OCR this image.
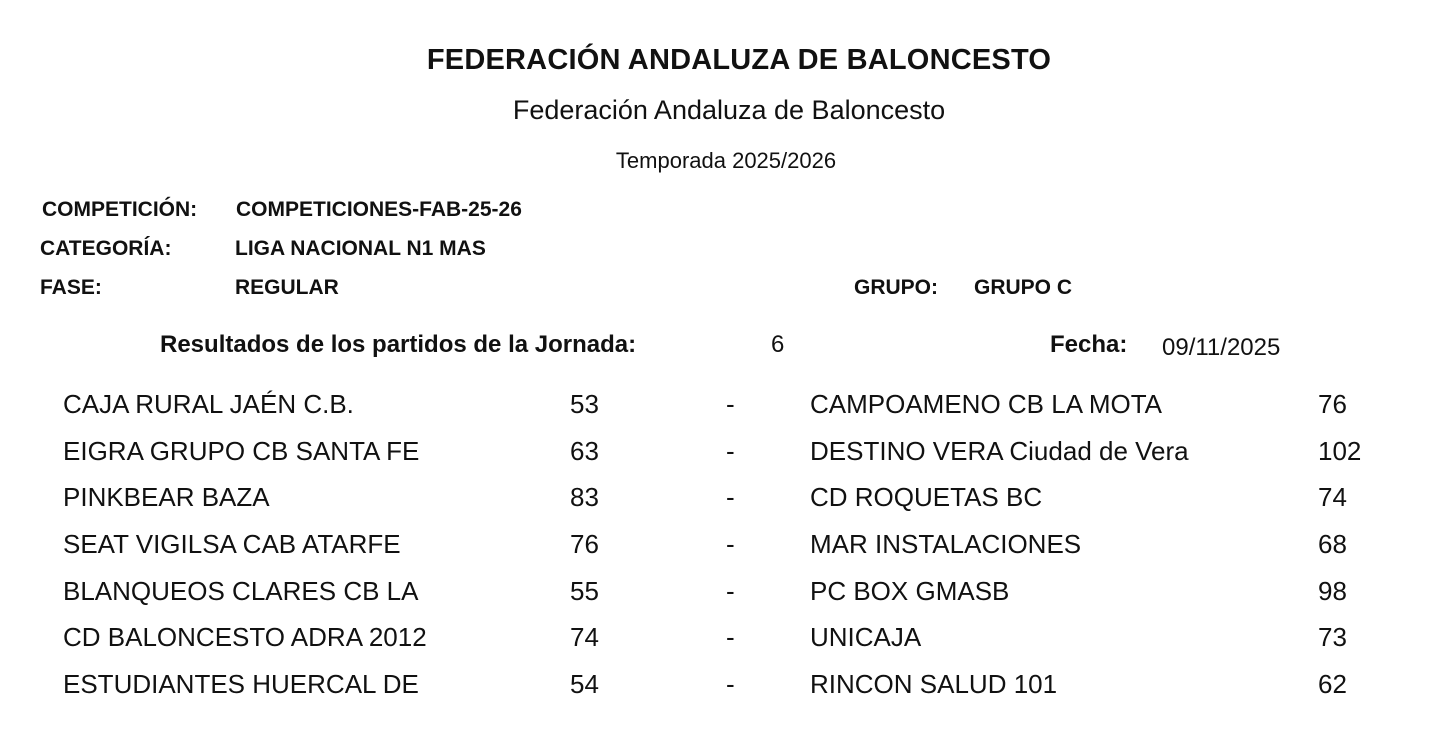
FEDERACIÓN ANDALUZA DE BALONCESTO
Federación Andaluza de Baloncesto
Temporada 2025/2026
COMPETICIÓN: COMPETICIONES-FAB-25-26
CATEGORÍA:	LIGA NACIONAL N1 MAS
FASE:	REGULAR	GRUPO: GRUPO C
Resultados de los partidos de la Jornada:	6	Fecha: 09/11/2025
CAJA RURAL JAÉN C.B.	53	-	CAMPOAMENO CB LA MOTA	76
EIGRA GRUPO CB SANTA FE	63	-	DESTINO VERA Ciudad de Vera	102
PINKBEAR BAZA	83	-	CD ROQUETAS BC	74
SEAT VIGILSA CAB ATARFE	76	-	MAR INSTALACIONES	68
BLANQUEOS CLARES CB LA	55	-	PC BOX GMASB	98
CD BALONCESTO ADRA 2012	74	-	UNICAJA	73
ESTUDIANTES HUERCAL DE	54	-	RINCON SALUD 101	62
